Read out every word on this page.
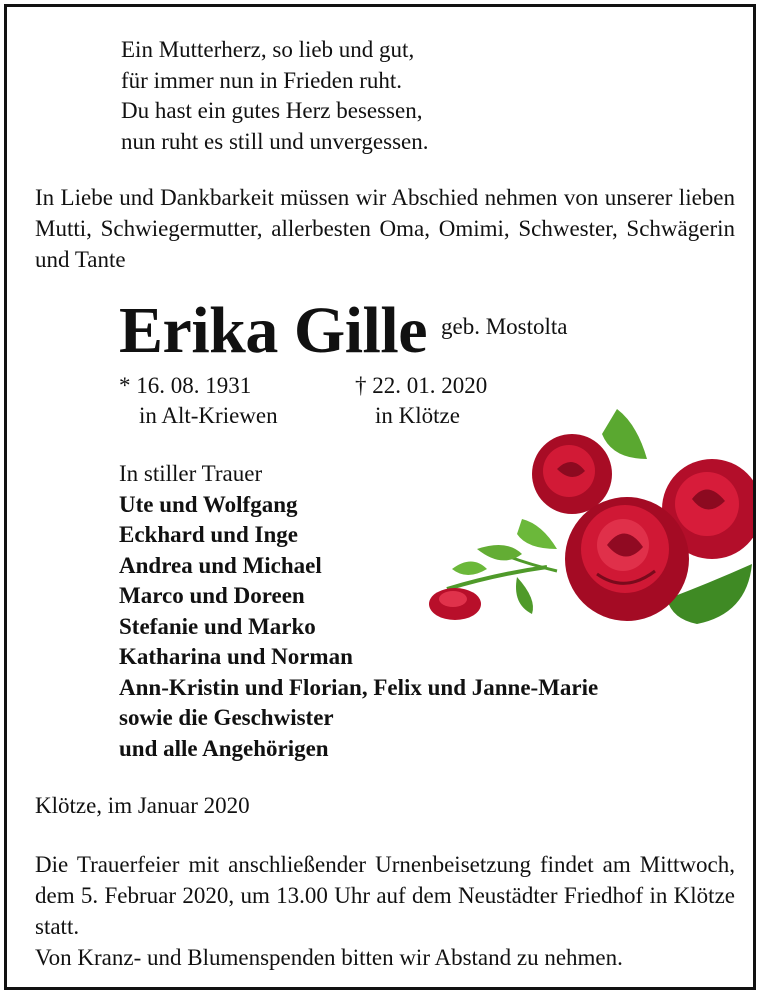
Ein Mutterherz, so lieb und gut,
für immer nun in Frieden ruht.
Du hast ein gutes Herz besessen,
nun ruht es still und unvergessen.
In Liebe und Dankbarkeit müssen wir Abschied nehmen von unserer lieben Mutti, Schwiegermutter, allerbesten Oma, Omimi, Schwester, Schwägerin und Tante
Erika Gille geb. Mostolta
* 16. 08. 1931
in Alt-Kriewen
† 22. 01. 2020
in Klötze
In stiller Trauer
Ute und Wolfgang
Eckhard und Inge
Andrea und Michael
Marco und Doreen
Stefanie und Marko
Katharina und Norman
Ann-Kristin und Florian, Felix und Janne-Marie
sowie die Geschwister
und alle Angehörigen
Klötze, im Januar 2020
Die Trauerfeier mit anschließender Urnenbeisetzung findet am Mittwoch, dem 5. Februar 2020, um 13.00 Uhr auf dem Neustädter Friedhof in Klötze statt.
Von Kranz- und Blumenspenden bitten wir Abstand zu nehmen.
